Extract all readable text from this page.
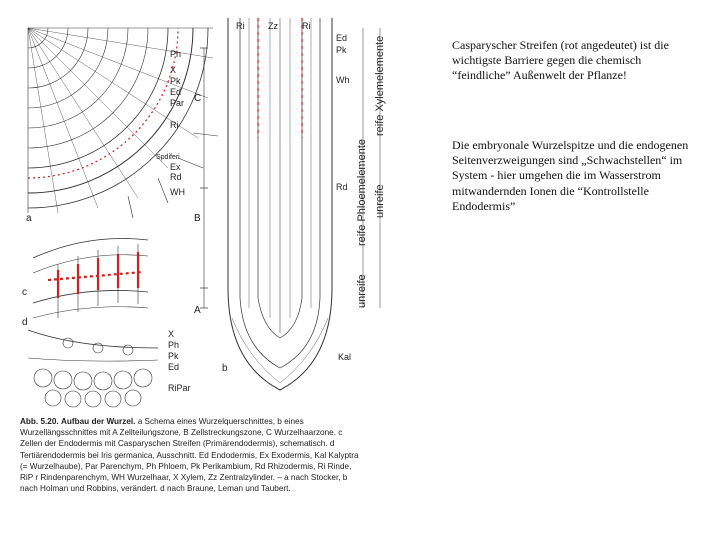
Ph
X
Pk
Ed
Par
Ri
Spdiferi
Ex
Rd
WH
a
c
d
X
Ph
Pk
Ed
RiPar
Ri	Zz	Ri
Ed
Pk
Wh
Rd
Kal
b
C
B
A
reife Xylemelemente
unreife
reife Phloemelemente
unreife
Abb. 5.20. Aufbau der Wurzel. a Schema eines Wurzelquerschnittes, b eines Wurzellängsschnittes mit A Zellteilungszone, B Zellstreckungszone, C Wurzelhaarzone. c Zellen der Endodermis mit Casparyschen Streifen (Primärendodermis), schematisch. d Tertiärendodermis bei Iris germanica, Ausschnitt. Ed Endodermis, Ex Exodermis, Kal Kalyptra (= Wurzelhaube), Par Parenchym, Ph Phloem, Pk Perikambium, Rd Rhizodermis, Ri Rinde, RiP r Rindenparenchym, WH Wurzelhaar, X Xylem, Zz Zentralzylinder. – a nach Stocker, b nach Holman und Robbins, verändert. d nach Braune, Leman und Taubert.

Casparyscher Streifen (rot angedeutet) ist die wichtigste Barriere gegen die chemisch “feindliche” Außenwelt der Pflanze!

Die embryonale Wurzelspitze und die endogenen Seitenverzweigungen sind „Schwachstellen“ im System - hier umgehen die im Wasserstrom mitwandernden Ionen die “Kontrollstelle Endodermis”
